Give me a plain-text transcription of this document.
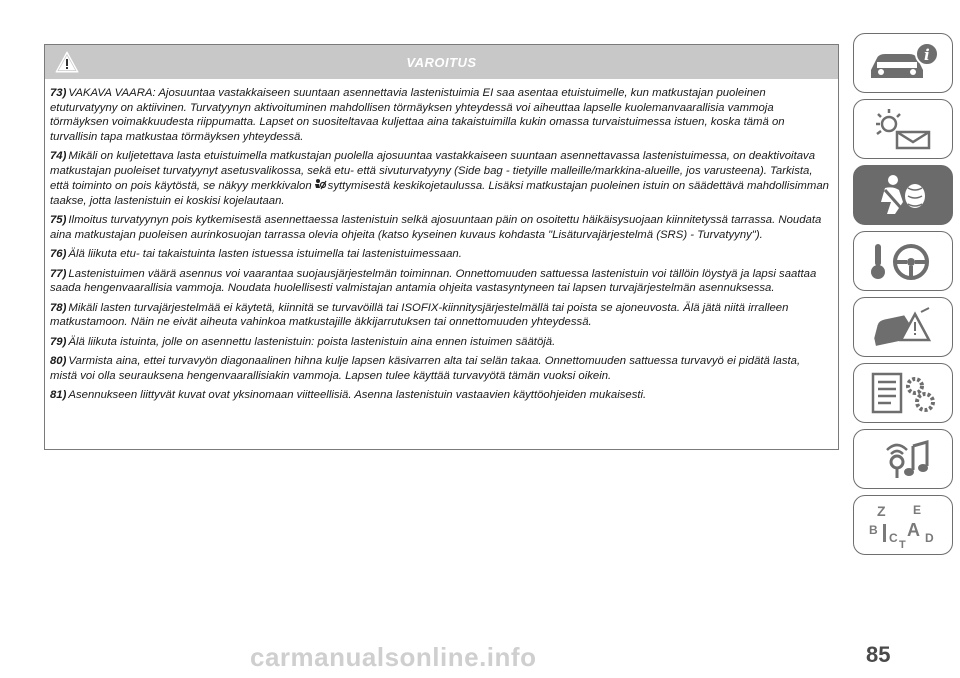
VAROITUS

73) VAKAVA VAARA: Ajosuuntaa vastakkaiseen suuntaan asennettavia lastenistuimia EI saa asentaa etuistuimelle, kun matkustajan puoleinen etuturvatyyny on aktiivinen. Turvatyynyn aktivoituminen mahdollisen törmäyksen yhteydessä voi aiheuttaa lapselle kuolemanvaarallisia vammoja törmäyksen voimakkuudesta riippumatta. Lapset on suositeltavaa kuljettaa aina takaistuimilla kukin omassa turvaistuimessa istuen, koska tämä on turvallisin tapa matkustaa törmäyksen yhteydessä.

74) Mikäli on kuljetettava lasta etuistuimella matkustajan puolella ajosuuntaa vastakkaiseen suuntaan asennettavassa lastenistuimessa, on deaktivoitava matkustajan puoleiset turvatyynyt asetusvalikossa, sekä etu- että sivuturvatyyny (Side bag - tietyille malleille/markkina-alueille, jos varusteena). Tarkista, että toiminto on pois käytöstä, se näkyy merkkivalon syttymisestä keskikojetaulussa. Lisäksi matkustajan puoleinen istuin on säädettävä mahdollisimman taakse, jotta lastenistuin ei koskisi kojelautaan.

75) Ilmoitus turvatyynyn pois kytkemisestä asennettaessa lastenistuin selkä ajosuuntaan päin on osoitettu häikäisysuojaan kiinnitetyssä tarrassa. Noudata aina matkustajan puoleisen aurinkosuojan tarrassa olevia ohjeita (katso kyseinen kuvaus kohdasta "Lisäturvajärjestelmä (SRS) - Turvatyyny").

76) Älä liikuta etu- tai takaistuinta lasten istuessa istuimella tai lastenistuimessaan.

77) Lastenistuimen väärä asennus voi vaarantaa suojausjärjestelmän toiminnan. Onnettomuuden sattuessa lastenistuin voi tällöin löystyä ja lapsi saattaa saada hengenvaarallisia vammoja. Noudata huolellisesti valmistajan antamia ohjeita vastasyntyneen tai lapsen turvajärjestelmän asennuksessa.

78) Mikäli lasten turvajärjestelmää ei käytetä, kiinnitä se turvavöillä tai ISOFIX-kiinnitysjärjestelmällä tai poista se ajoneuvosta. Älä jätä niitä irralleen matkustamoon. Näin ne eivät aiheuta vahinkoa matkustajille äkkijarrutuksen tai onnettomuuden yhteydessä.

79) Älä liikuta istuinta, jolle on asennettu lastenistuin: poista lastenistuin aina ennen istuimen säätöjä.

80) Varmista aina, ettei turvavyön diagonaalinen hihna kulje lapsen käsivarren alta tai selän takaa. Onnettomuuden sattuessa turvavyö ei pidätä lasta, mistä voi olla seurauksena hengenvaarallisiakin vammoja. Lapsen tulee käyttää turvavyötä tämän vuoksi oikein.

81) Asennukseen liittyvät kuvat ovat yksinomaan viitteellisiä. Asenna lastenistuin vastaavien käyttöohjeiden mukaisesti.

i
Z E
B A
C D
T
85
carmanualsonline.info
